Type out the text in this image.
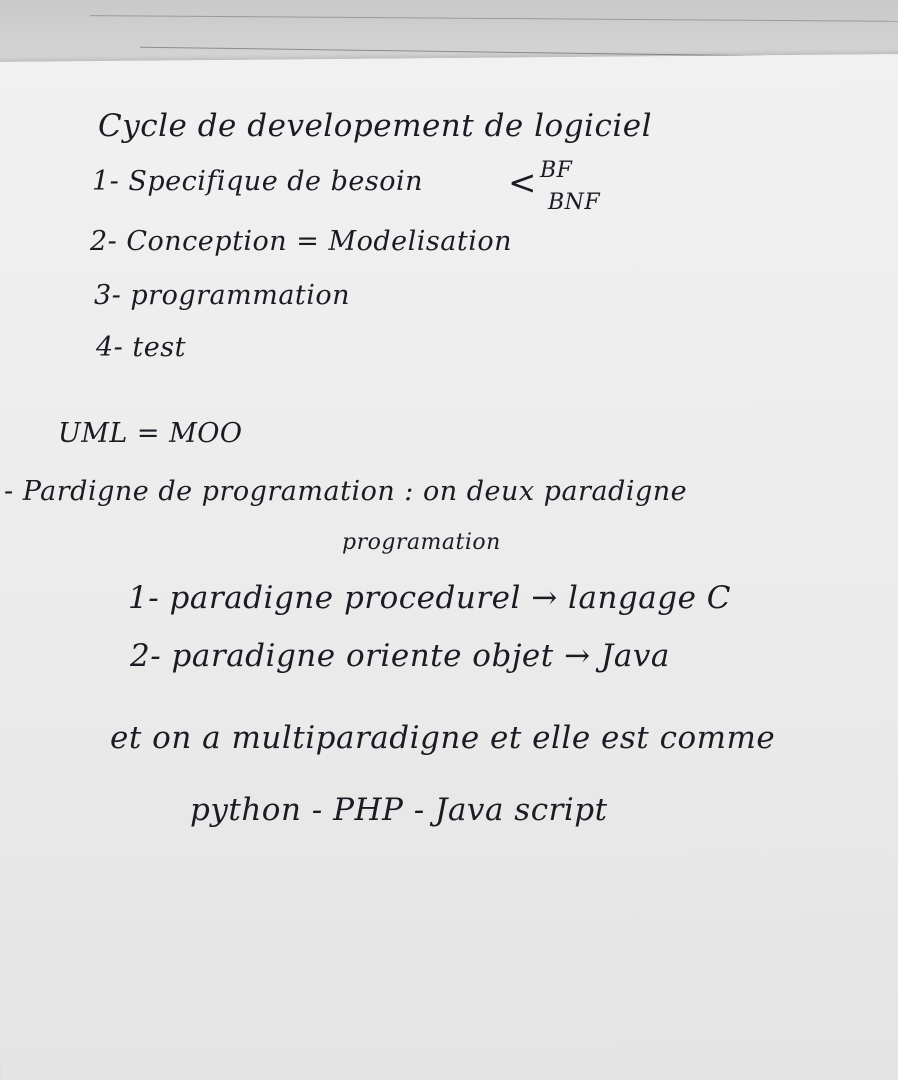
Cycle de developement de logiciel

1- Specifique de besoin < BF

BNF

2- Conception = Modelisation

3- programmation

4- test

UML = MOO

- Pardigne de programation : on deux paradigne

programation

1- paradigne procedurel → langage C

2- paradigne oriente objet → Java

et on a multiparadigne et elle est comme

python - PHP - Java script
